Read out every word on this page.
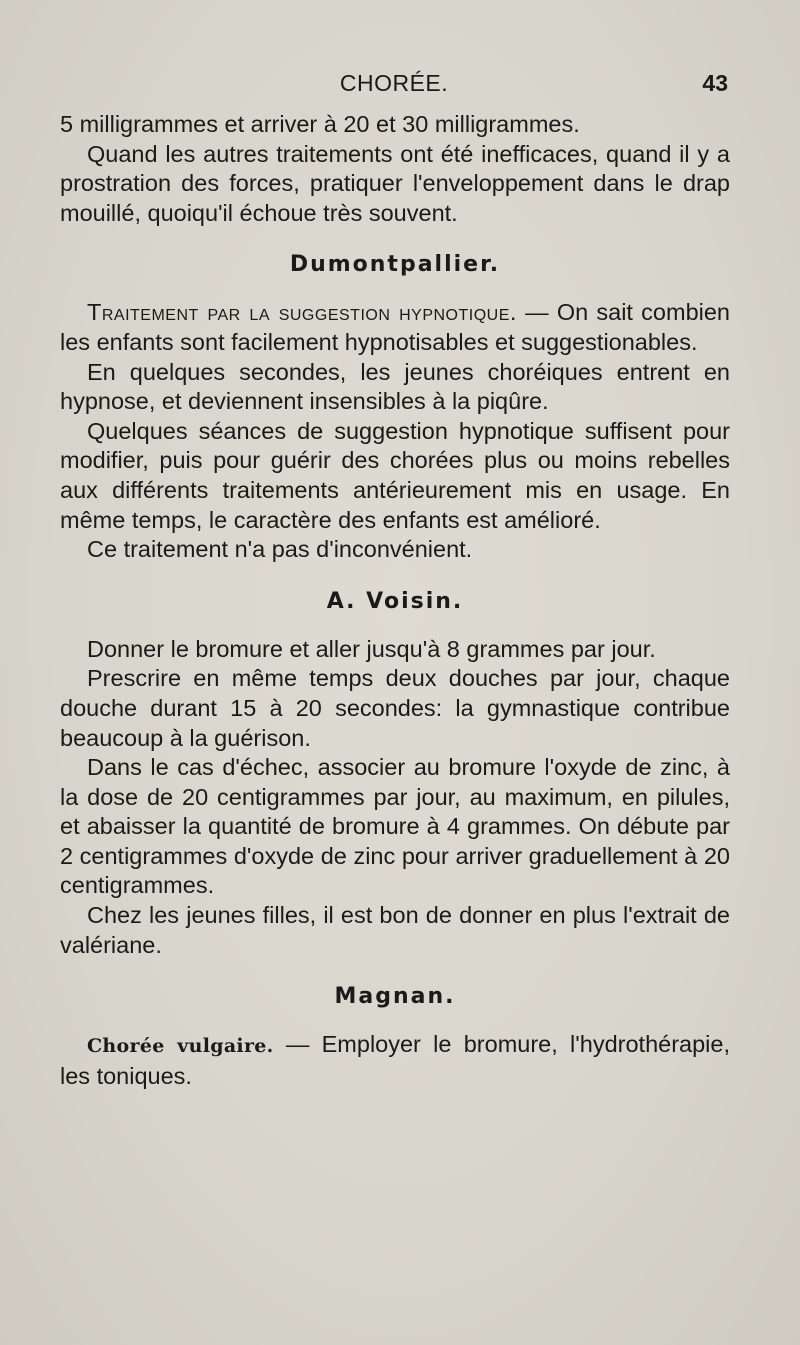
CHORÉE.	43

5 milligrammes et arriver à 20 et 30 milligrammes.

Quand les autres traitements ont été inefficaces, quand il y a prostration des forces, pratiquer l'enveloppement dans le drap mouillé, quoiqu'il échoue très souvent.

Dumontpallier.

Traitement par la suggestion hypnotique. — On sait combien les enfants sont facilement hypnotisables et suggestionables.

En quelques secondes, les jeunes choréiques entrent en hypnose, et deviennent insensibles à la piqûre.

Quelques séances de suggestion hypnotique suffisent pour modifier, puis pour guérir des chorées plus ou moins rebelles aux différents traitements antérieurement mis en usage. En même temps, le caractère des enfants est amélioré.

Ce traitement n'a pas d'inconvénient.

A. Voisin.

Donner le bromure et aller jusqu'à 8 grammes par jour.

Prescrire en même temps deux douches par jour, chaque douche durant 15 à 20 secondes: la gymnastique contribue beaucoup à la guérison.

Dans le cas d'échec, associer au bromure l'oxyde de zinc, à la dose de 20 centigrammes par jour, au maximum, en pilules, et abaisser la quantité de bromure à 4 grammes. On débute par 2 centigrammes d'oxyde de zinc pour arriver graduellement à 20 centigrammes.

Chez les jeunes filles, il est bon de donner en plus l'extrait de valériane.

Magnan.

Chorée vulgaire. — Employer le bromure, l'hydrothérapie, les toniques.
